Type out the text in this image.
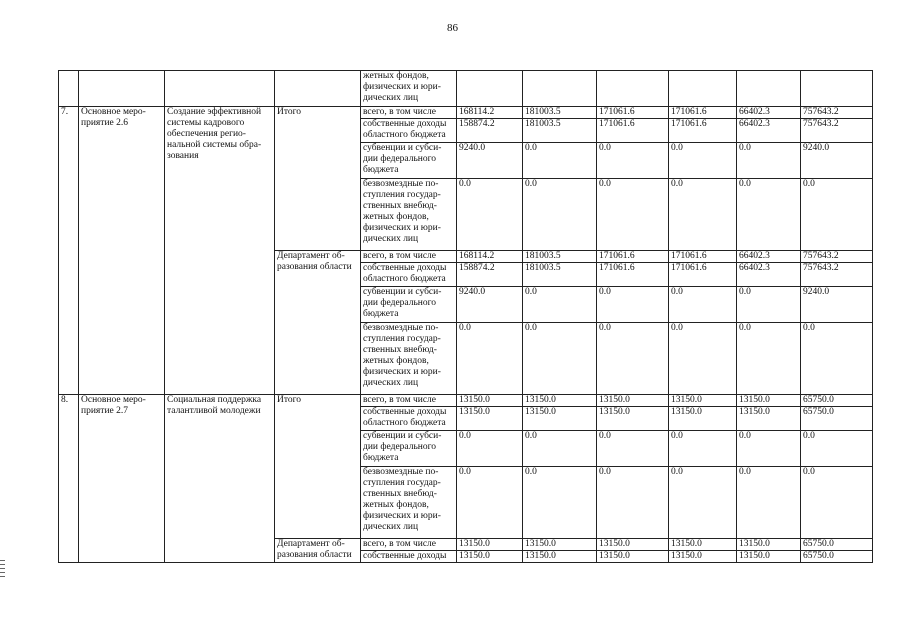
86
				жетных фондов, физических и юри-дических лиц						
7.	Основное меро-приятие 2.6	Создание эффективной системы кадрового обеспечения регио-нальной системы обра-зования	Итого	всего, в том числе	168114.2	181003.5	171061.6	171061.6	66402.3	757643.2
				собственные доходы областного бюджета	158874.2	181003.5	171061.6	171061.6	66402.3	757643.2
				субвенции и субси-дии федерального бюджета	9240.0	0.0	0.0	0.0	0.0	9240.0
				безвозмездные по-ступления государ-ственных внебюд-жетных фондов, физических и юри-дических лиц	0.0	0.0	0.0	0.0	0.0	0.0
			Департамент об-разования области	всего, в том числе	168114.2	181003.5	171061.6	171061.6	66402.3	757643.2
				собственные доходы областного бюджета	158874.2	181003.5	171061.6	171061.6	66402.3	757643.2
				субвенции и субси-дии федерального бюджета	9240.0	0.0	0.0	0.0	0.0	9240.0
				безвозмездные по-ступления государ-ственных внебюд-жетных фондов, физических и юри-дических лиц	0.0	0.0	0.0	0.0	0.0	0.0
8.	Основное меро-приятие 2.7	Социальная поддержка талантливой молодежи	Итого	всего, в том числе	13150.0	13150.0	13150.0	13150.0	13150.0	65750.0
				собственные доходы областного бюджета	13150.0	13150.0	13150.0	13150.0	13150.0	65750.0
				субвенции и субси-дии федерального бюджета	0.0	0.0	0.0	0.0	0.0	0.0
				безвозмездные по-ступления государ-ственных внебюд-жетных фондов, физических и юри-дических лиц	0.0	0.0	0.0	0.0	0.0	0.0
			Департамент об-разования области	всего, в том числе	13150.0	13150.0	13150.0	13150.0	13150.0	65750.0
				собственные доходы	13150.0	13150.0	13150.0	13150.0	13150.0	65750.0
